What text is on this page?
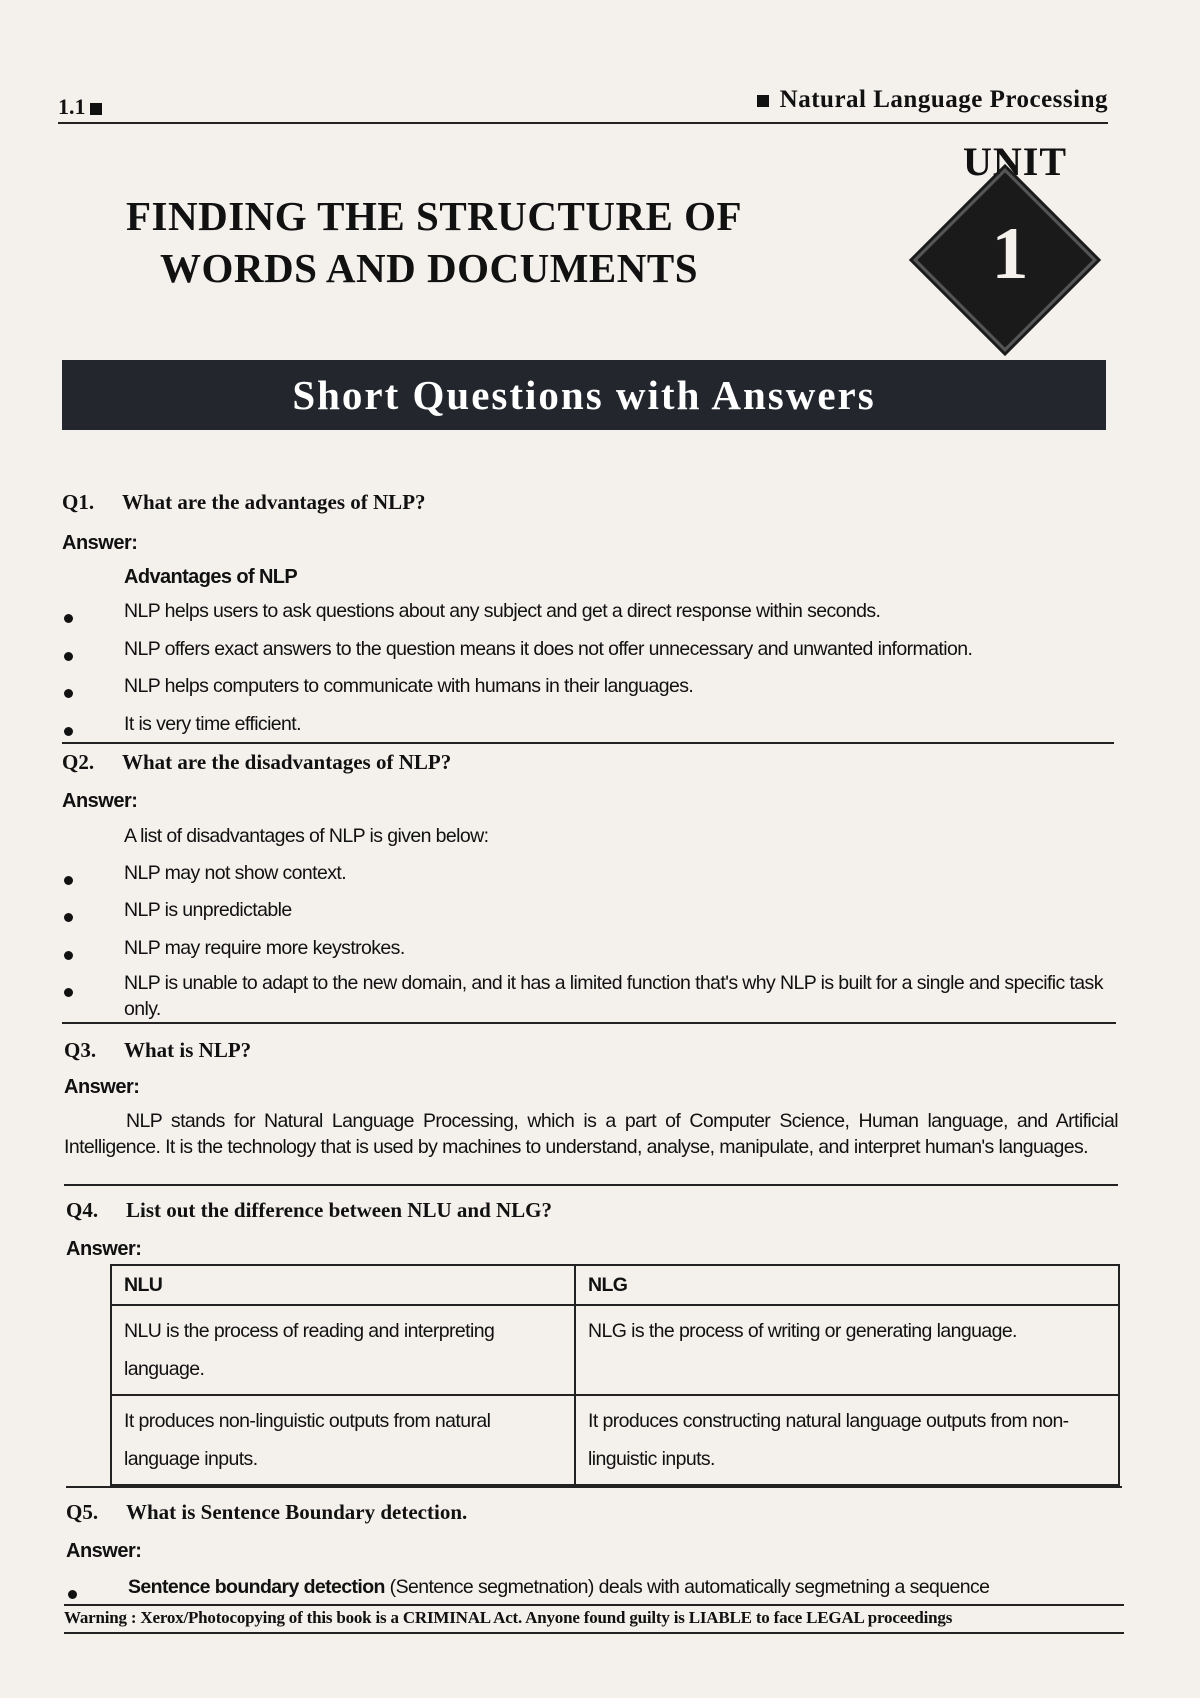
1.1	Natural Language Processing
FINDING THE STRUCTURE OF
WORDS AND DOCUMENTS
UNIT
1
Short Questions with Answers
Q1. What are the advantages of NLP?
Answer:
Advantages of NLP
NLP helps users to ask questions about any subject and get a direct response within seconds.
NLP offers exact answers to the question means it does not offer unnecessary and unwanted information.
NLP helps computers to communicate with humans in their languages.
It is very time efficient.
Q2. What are the disadvantages of NLP?
Answer:
A list of disadvantages of NLP is given below:
NLP may not show context.
NLP is unpredictable
NLP may require more keystrokes.
NLP is unable to adapt to the new domain, and it has a limited function that's why NLP is built for a single and specific task only.
Q3. What is NLP?
Answer:
NLP stands for Natural Language Processing, which is a part of Computer Science, Human language, and Artificial Intelligence. It is the technology that is used by machines to understand, analyse, manipulate, and interpret human's languages.
Q4. List out the difference between NLU and NLG?
Answer:
NLU	NLG
NLU is the process of reading and interpreting language.	NLG is the process of writing or generating language.
It produces non-linguistic outputs from natural language inputs.	It produces constructing natural language outputs from non-linguistic inputs.
Q5. What is Sentence Boundary detection.
Answer:
Sentence boundary detection (Sentence segmetnation) deals with automatically segmetning a sequence
Warning : Xerox/Photocopying of this book is a CRIMINAL Act. Anyone found guilty is LIABLE to face LEGAL proceedings
